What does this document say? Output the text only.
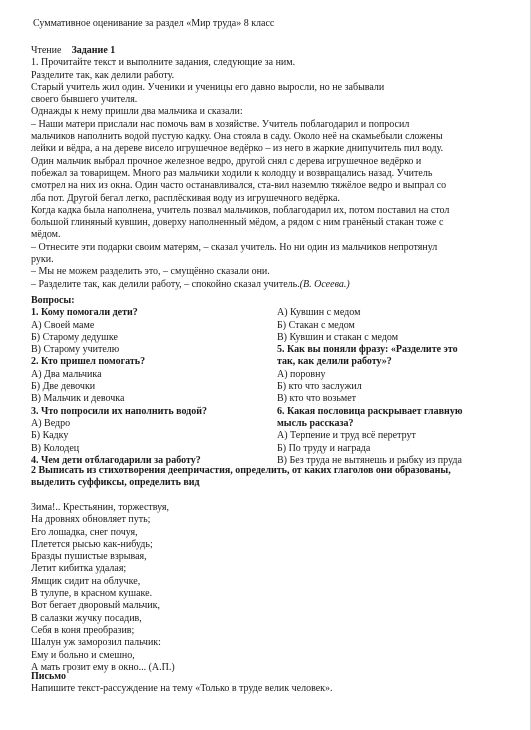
Суммативное оценивание за раздел «Мир труда» 8 класс
Чтение Задание 1
1. Прочитайте текст и выполните задания, следующие за ним.
Разделите так, как делили работу.
Старый учитель жил один. Ученики и ученицы его давно выросли, но не забывали
своего бывшего учителя.
Однажды к нему пришли два мальчика и сказали:
– Наши матери прислали нас помочь вам в хозяйстве. Учитель поблагодарил и попросил
мальчиков наполнить водой пустую кадку. Она стояла в саду. Около неё на скамьебыли сложены
лейки и вёдра, а на дереве висело игрушечное ведёрко – из него в жаркие днипучитель пил воду.
Один мальчик выбрал прочное железное ведро, другой снял с дерева игрушечное ведёрко и
побежал за товарищем. Много раз мальчики ходили к колодцу и возвращались назад. Учитель
смотрел на них из окна. Один часто останавливался, ста-вил наземлю тяжёлое ведро и выпрал со
лба пот. Другой бегал легко, расплёскивая воду из игрушечного ведёрка.
Когда кадка была наполнена, учитель позвал мальчиков, поблагодарил их, потом поставил на стол
большой глиняный кувшин, доверху наполненный мёдом, а рядом с ним гранёный стакан тоже с
мёдом.
– Отнесите эти подарки своим матерям, – сказал учитель. Но ни один из мальчиков непротянул
руки.
– Мы не можем разделить это, – смущённо сказали они.
– Разделите так, как делили работу, – спокойно сказал учитель.(В. Осеева.)
Вопросы:
1. Кому помогали дети?
А) Своей маме
Б) Старому дедушке
В) Старому учителю
2. Кто пришел помогать?
А) Два мальчика
Б) Две девочки
В) Мальчик и девочка
3. Что попросили их наполнить водой?
А) Ведро
Б) Кадку
В) Колодец
4. Чем дети отблагодарили за работу?
А) Кувшин с медом
Б) Стакан с медом
В) Кувшин и стакан с медом
5. Как вы поняли фразу: «Разделите это
так, как делили работу»?
А) поровну
Б) кто что заслужил
В) кто что возьмет
6. Какая пословица раскрывает главную
мысль рассказа?
А) Терпение и труд всё перетрут
Б) По труду и награда
В) Без труда не вытянешь и рыбку из пруда
2 Выписать из стихотворения деепричастия, определить, от каких глаголов они образованы,
выделить суффиксы, определить вид
Зима!.. Крестьянин, торжествуя,
На дровнях обновляет путь;
Его лошадка, снег почуя,
Плетется рысью как-нибудь;
Бразды пушистые взрывая,
Летит кибитка удалая;
Ямщик сидит на облучке,
В тулупе, в красном кушаке.
Вот бегает дворовый мальчик,
В салазки жучку посадив,
Себя в коня преобразив;
Шалун уж заморозил пальчик:
Ему и больно и смешно,
А мать грозит ему в окно... (А.П.)
Письмо
Напишите текст-рассуждение на тему «Только в труде велик человек».
